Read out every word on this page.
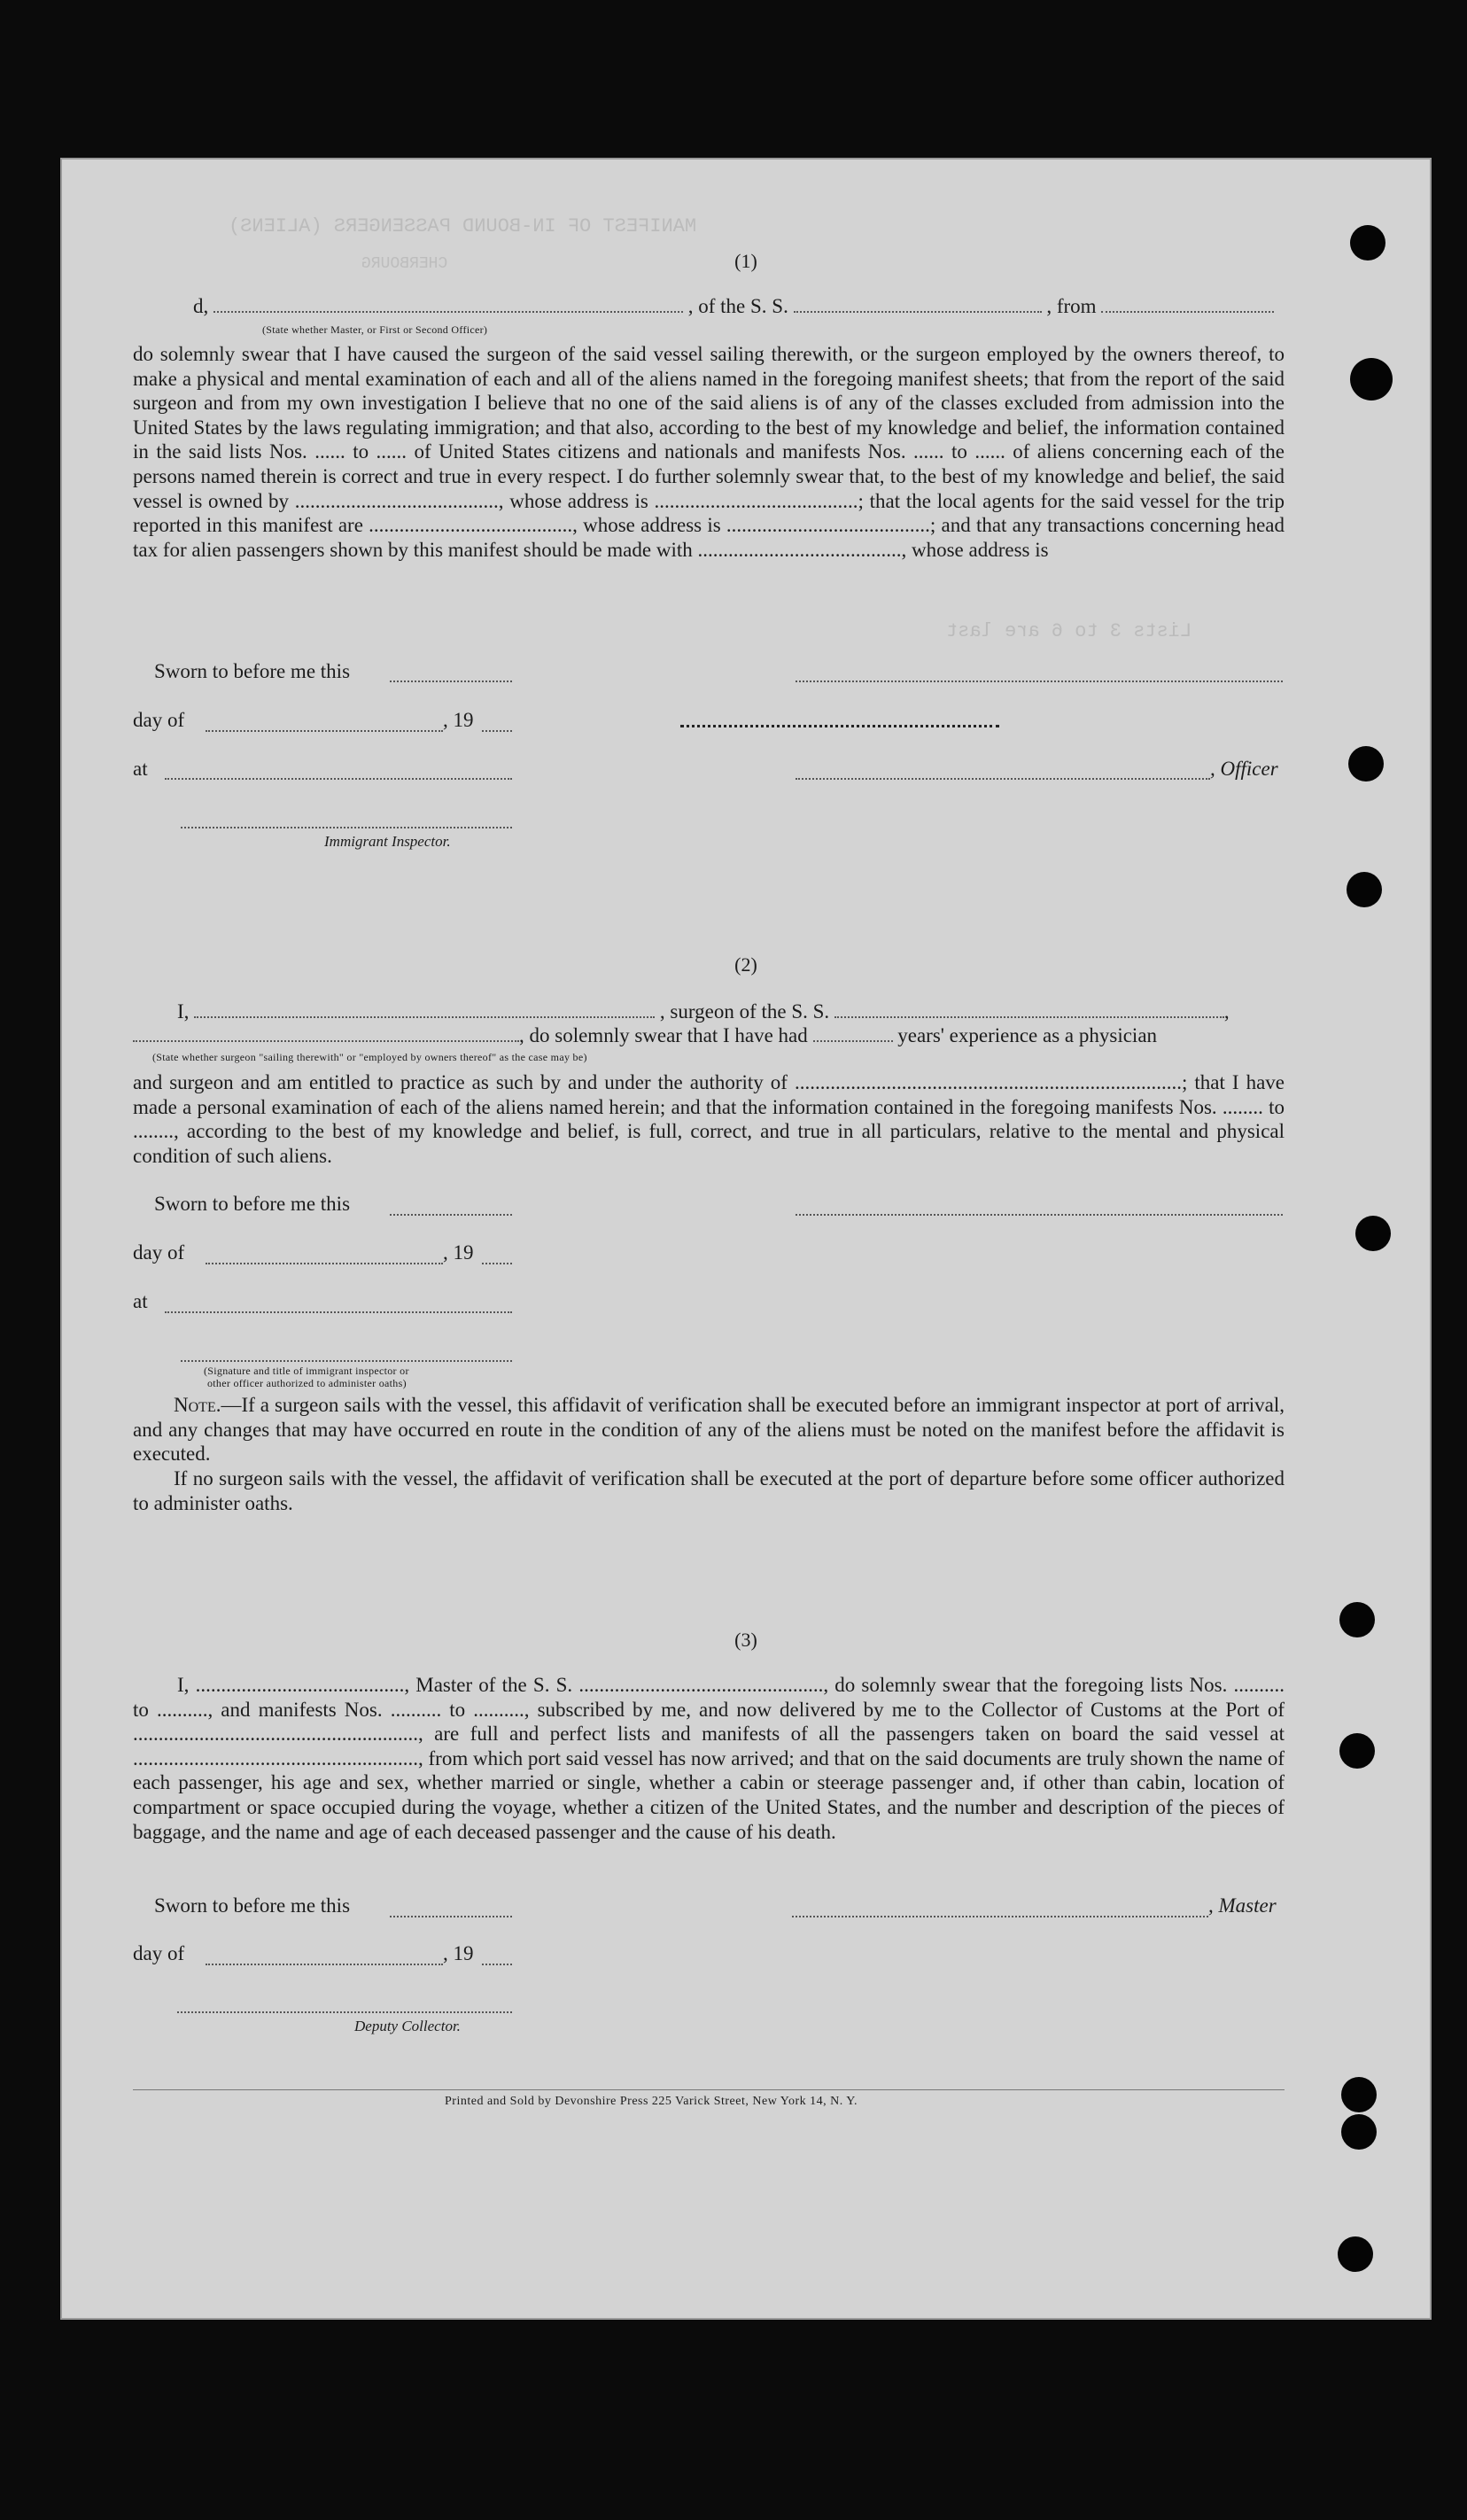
MANIFEST OF IN-BOUND PASSENGERS (ALIENS)
CHERBOURG
Lists 3 to 6 are last
(1)
d,	, of the S. S.	, from
(State whether Master, or First or Second Officer)
do solemnly swear that I have caused the surgeon of the said vessel sailing therewith, or the surgeon employed by the owners thereof, to make a physical and mental examination of each and all of the aliens named in the foregoing manifest sheets; that from the report of the said surgeon and from my own investigation I believe that no one of the said aliens is of any of the classes excluded from admission into the United States by the laws regulating immigration; and that also, according to the best of my knowledge and belief, the information contained in the said lists Nos. ...... to ...... of United States citizens and nationals and manifests Nos. ...... to ...... of aliens concerning each of the persons named therein is correct and true in every respect. I do further solemnly swear that, to the best of my knowledge and belief, the said vessel is owned by ........................................, whose address is ........................................; that the local agents for the said vessel for the trip reported in this manifest are ........................................, whose address is ........................................; and that any transactions concerning head tax for alien passengers shown by this manifest should be made with ........................................, whose address is
Sworn to before me this
day of	, 19
at	, Officer
Immigrant Inspector.
(2)
I,	, surgeon of the S. S.	,
, do solemnly swear that I have had	years' experience as a physician
(State whether surgeon "sailing therewith" or "employed by owners thereof" as the case may be)
and surgeon and am entitled to practice as such by and under the authority of ............................................................................; that I have made a personal examination of each of the aliens named herein; and that the information contained in the foregoing manifests Nos. ........ to ........, according to the best of my knowledge and belief, is full, correct, and true in all particulars, relative to the mental and physical condition of such aliens.
Sworn to before me this
day of	, 19
at
(Signature and title of immigrant inspector or
other officer authorized to administer oaths)
Note.—If a surgeon sails with the vessel, this affidavit of verification shall be executed before an immigrant inspector at port of arrival, and any changes that may have occurred en route in the condition of any of the aliens must be noted on the manifest before the affidavit is executed.
If no surgeon sails with the vessel, the affidavit of verification shall be executed at the port of departure before some officer authorized to administer oaths.
(3)
I, ........................................., Master of the S. S. ................................................, do solemnly swear that the foregoing lists Nos. .......... to .........., and manifests Nos. .......... to .........., subscribed by me, and now delivered by me to the Collector of Customs at the Port of ........................................................, are full and perfect lists and manifests of all the passengers taken on board the said vessel at ........................................................, from which port said vessel has now arrived; and that on the said documents are truly shown the name of each passenger, his age and sex, whether married or single, whether a cabin or steerage passenger and, if other than cabin, location of compartment or space occupied during the voyage, whether a citizen of the United States, and the number and description of the pieces of baggage, and the name and age of each deceased passenger and the cause of his death.
Sworn to before me this	, Master
day of	, 19
Deputy Collector.
Printed and Sold by Devonshire Press 225 Varick Street, New York 14, N. Y.
